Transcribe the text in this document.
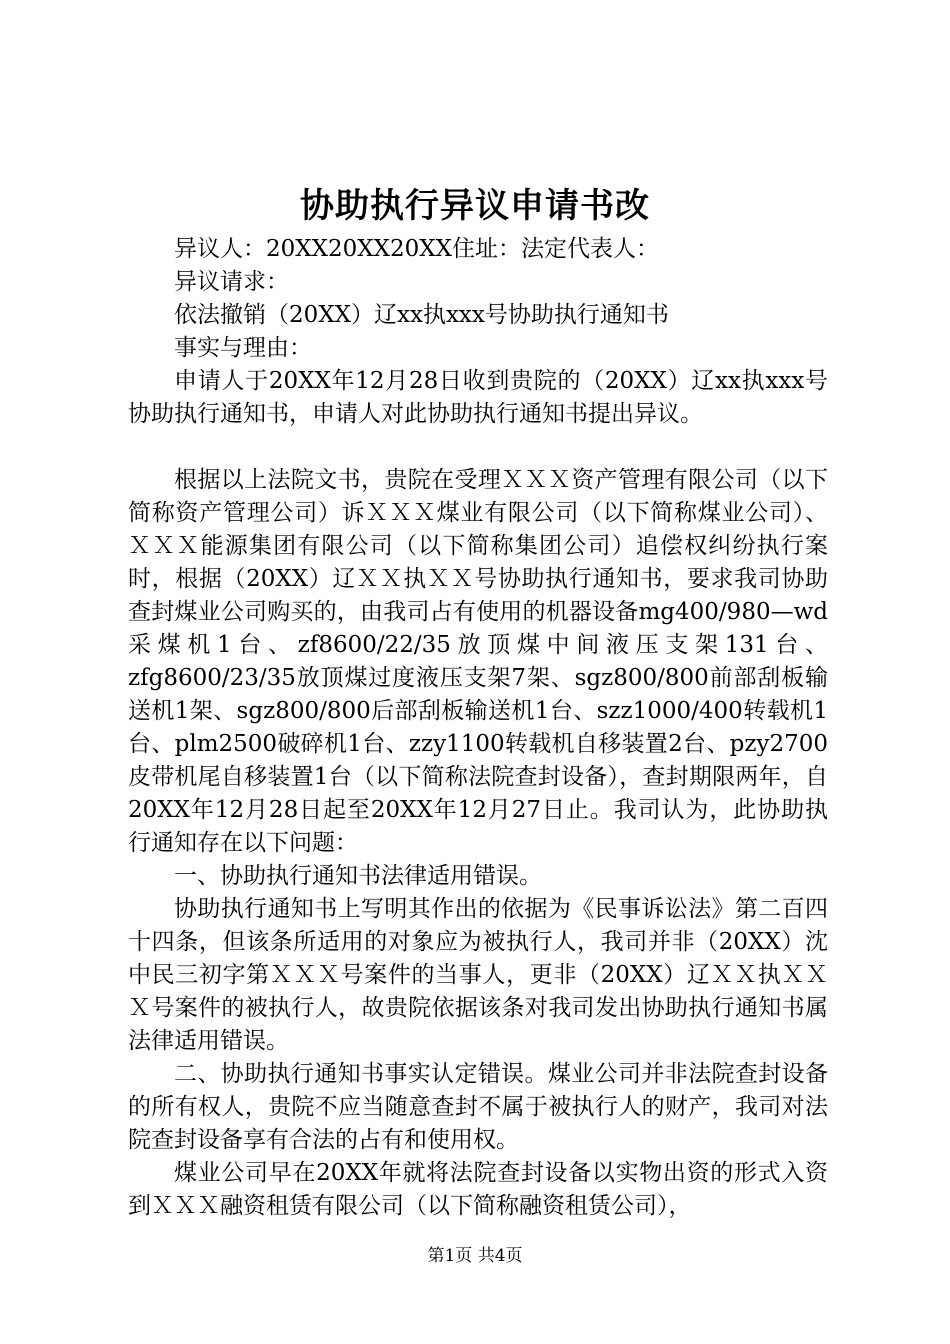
协助执行异议申请书改

异议人：20XX20XX20XX住址：法定代表人：

异议请求：

依法撤销（20XX）辽xx执xxx号协助执行通知书

事实与理由：

申请人于20XX年12月28日收到贵院的（20XX）辽xx执xxx号协助执行通知书，申请人对此协助执行通知书提出异议。

根据以上法院文书，贵院在受理ＸＸＸ资产管理有限公司（以下简称资产管理公司）诉ＸＸＸ煤业有限公司（以下简称煤业公司）、ＸＸＸ能源集团有限公司（以下简称集团公司）追偿权纠纷执行案时，根据（20XX）辽ＸＸ执ＸＸ号协助执行通知书，要求我司协助查封煤业公司购买的，由我司占有使用的机器设备mg400/980—wd采煤机1台、zf8600/22/35放顶煤中间液压支架131台、zfg8600/23/35放顶煤过度液压支架7架、sgz800/800前部刮板输送机1架、sgz800/800后部刮板输送机1台、szz1000/400转载机1台、plm2500破碎机1台、zzy1100转载机自移装置2台、pzy2700皮带机尾自移装置1台（以下简称法院查封设备），查封期限两年，自20XX年12月28日起至20XX年12月27日止。我司认为，此协助执行通知存在以下问题：

一、协助执行通知书法律适用错误。

协助执行通知书上写明其作出的依据为《民事诉讼法》第二百四十四条，但该条所适用的对象应为被执行人，我司并非（20XX）沈中民三初字第ＸＸＸ号案件的当事人，更非（20XX）辽ＸＸ执ＸＸＸ号案件的被执行人，故贵院依据该条对我司发出协助执行通知书属法律适用错误。

二、协助执行通知书事实认定错误。煤业公司并非法院查封设备的所有权人，贵院不应当随意查封不属于被执行人的财产，我司对法院查封设备享有合法的占有和使用权。

煤业公司早在20XX年就将法院查封设备以实物出资的形式入资到ＸＸＸ融资租赁有限公司（以下简称融资租赁公司），

第1页 共4页
